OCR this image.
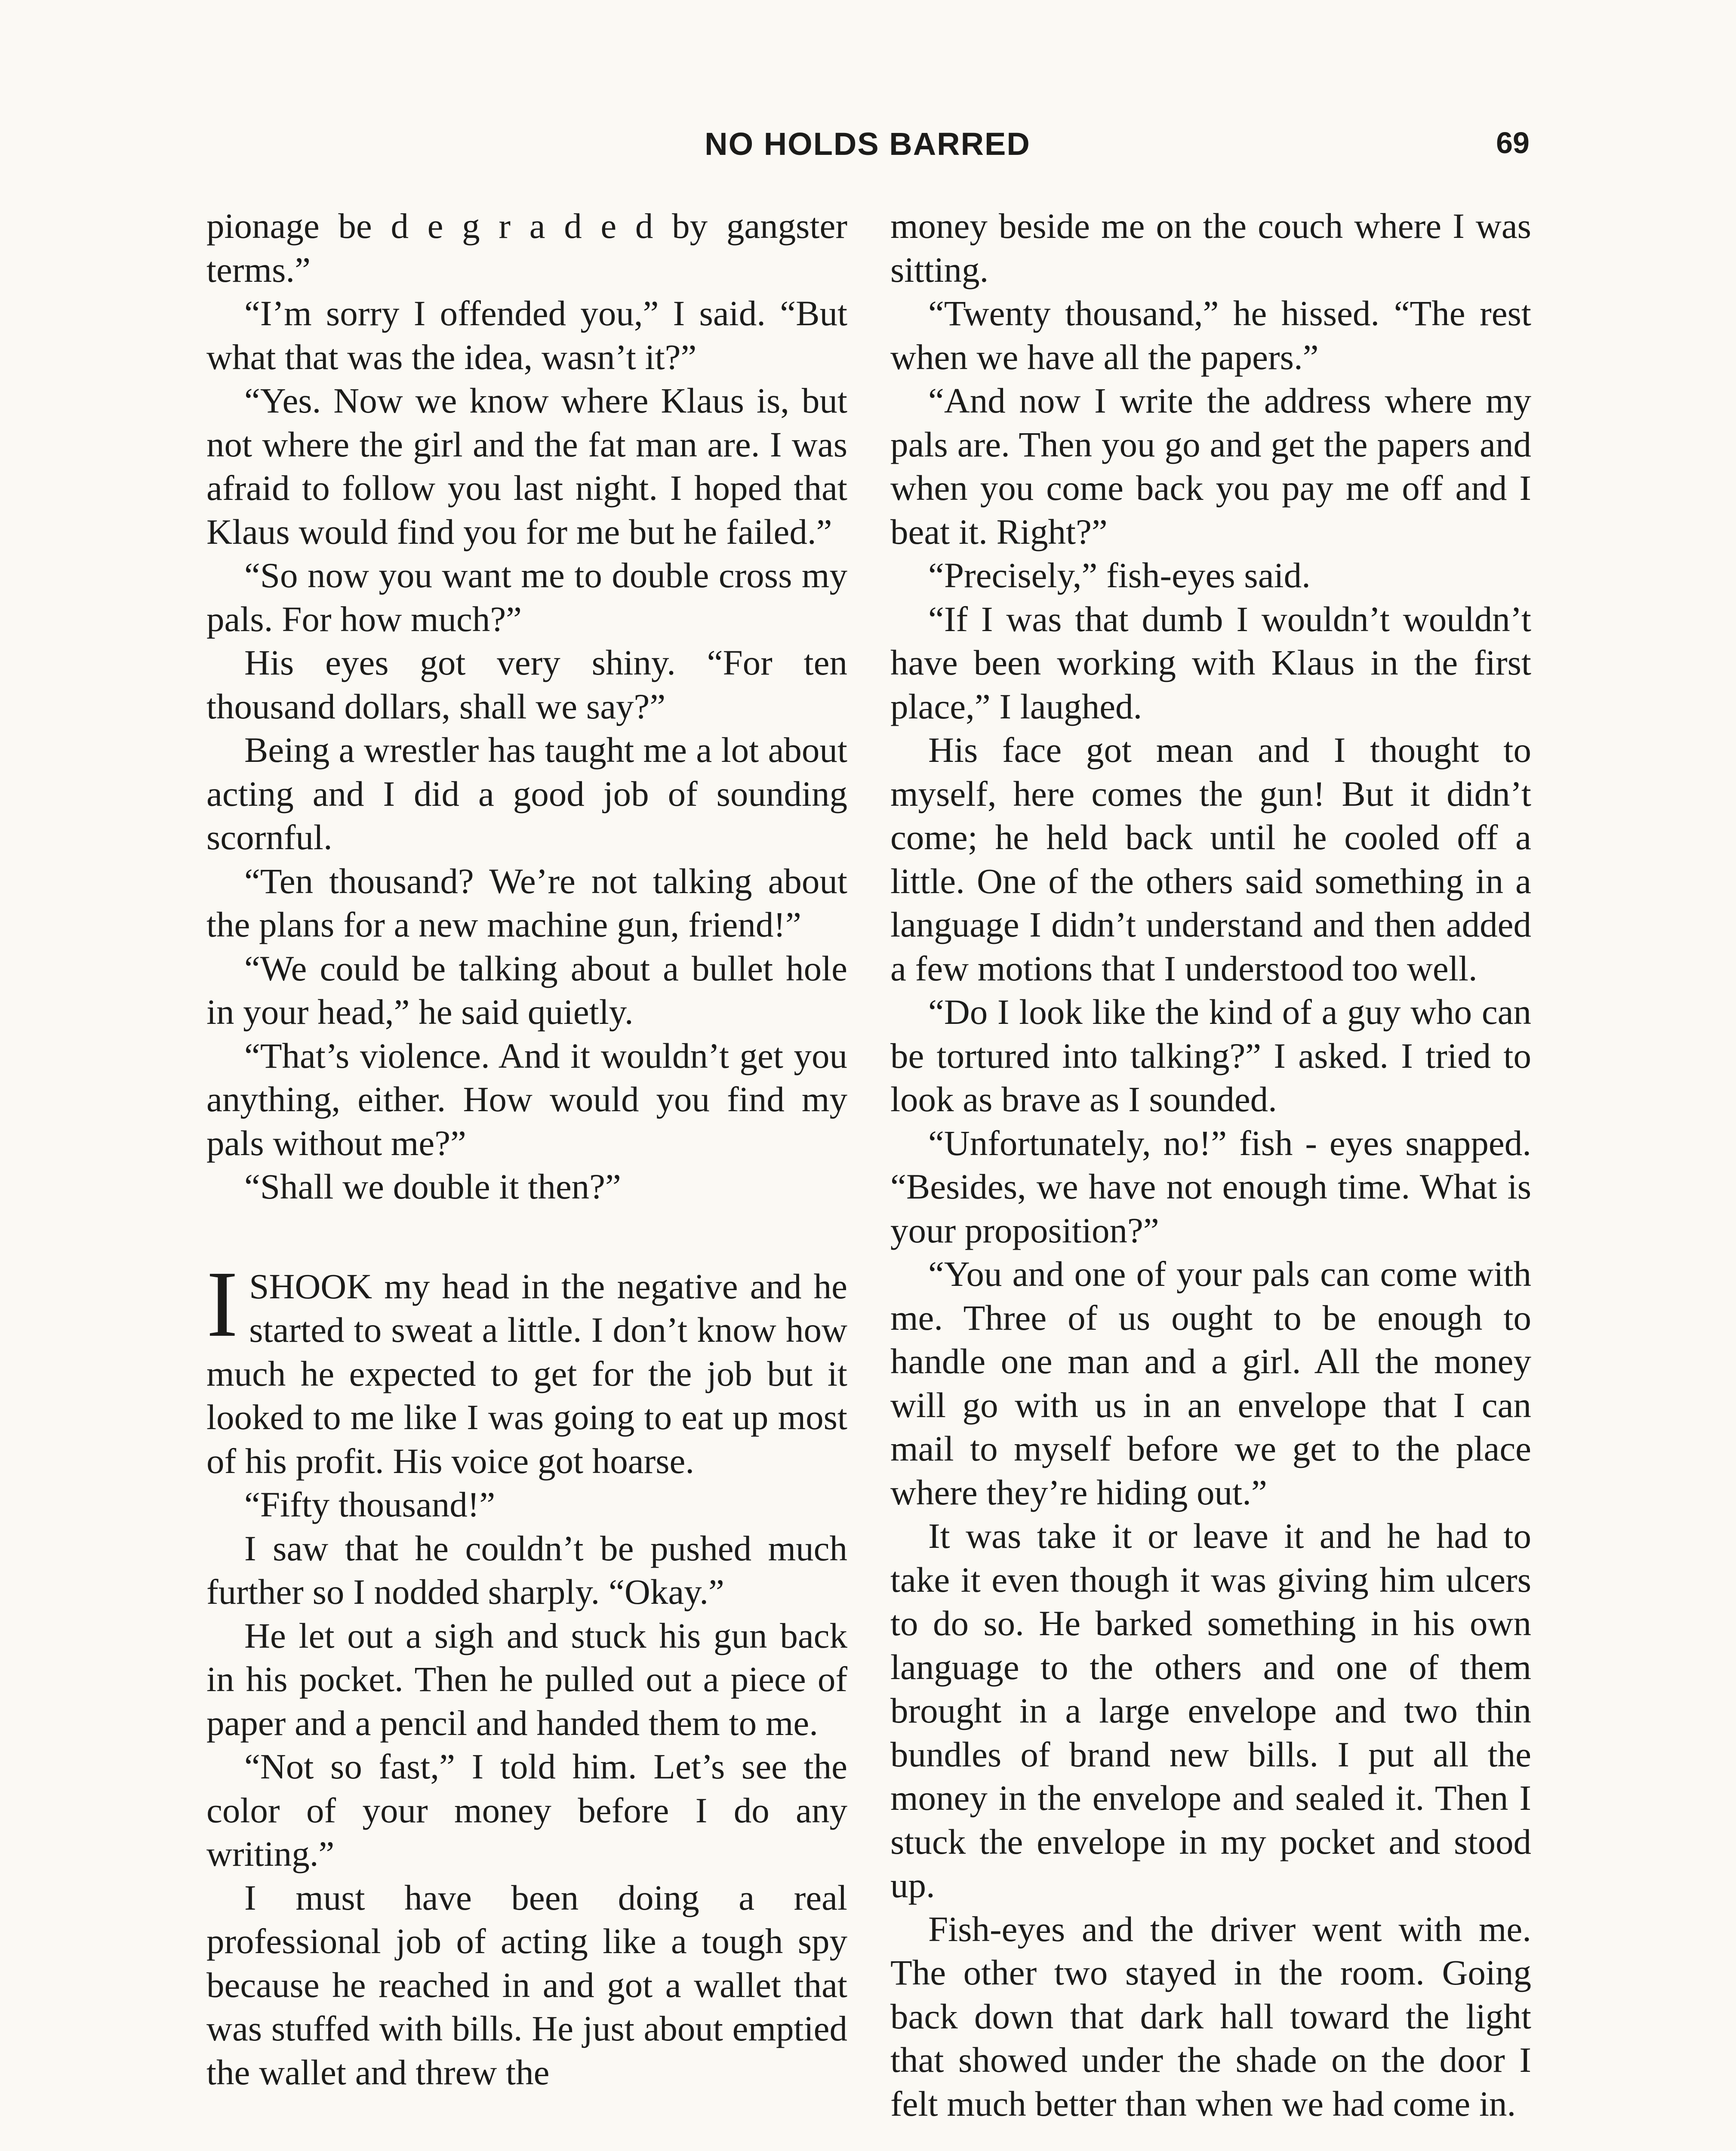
NO HOLDS BARRED	69

pionage be d e g r a d e d by gangster terms.”

“I’m sorry I offended you,” I said. “But what that was the idea, wasn’t it?”

“Yes. Now we know where Klaus is, but not where the girl and the fat man are. I was afraid to follow you last night. I hoped that Klaus would find you for me but he failed.”

“So now you want me to double cross my pals. For how much?”

His eyes got very shiny. “For ten thousand dollars, shall we say?”

Being a wrestler has taught me a lot about acting and I did a good job of sounding scornful.

“Ten thousand? We’re not talking about the plans for a new machine gun, friend!”

“We could be talking about a bullet hole in your head,” he said quietly.

“That’s violence. And it wouldn’t get you anything, either. How would you find my pals without me?”

“Shall we double it then?”

ISHOOK my head in the negative and he started to sweat a little. I don’t know how much he expected to get for the job but it looked to me like I was going to eat up most of his profit. His voice got hoarse.

“Fifty thousand!”

I saw that he couldn’t be pushed much further so I nodded sharply. “Okay.”

He let out a sigh and stuck his gun back in his pocket. Then he pulled out a piece of paper and a pencil and handed them to me.

“Not so fast,” I told him. Let’s see the color of your money before I do any writing.”

I must have been doing a real professional job of acting like a tough spy because he reached in and got a wallet that was stuffed with bills. He just about emptied the wallet and threw the

money beside me on the couch where I was sitting.

“Twenty thousand,” he hissed. “The rest when we have all the papers.”

“And now I write the address where my pals are. Then you go and get the papers and when you come back you pay me off and I beat it. Right?”

“Precisely,” fish-eyes said.

“If I was that dumb I wouldn’t wouldn’t have been working with Klaus in the first place,” I laughed.

His face got mean and I thought to myself, here comes the gun! But it didn’t come; he held back until he cooled off a little. One of the others said something in a language I didn’t understand and then added a few motions that I understood too well.

“Do I look like the kind of a guy who can be tortured into talking?” I asked. I tried to look as brave as I sounded.

“Unfortunately, no!” fish - eyes snapped. “Besides, we have not enough time. What is your proposition?”

“You and one of your pals can come with me. Three of us ought to be enough to handle one man and a girl. All the money will go with us in an envelope that I can mail to myself before we get to the place where they’re hiding out.”

It was take it or leave it and he had to take it even though it was giving him ulcers to do so. He barked something in his own language to the others and one of them brought in a large envelope and two thin bundles of brand new bills. I put all the money in the envelope and sealed it. Then I stuck the envelope in my pocket and stood up.

Fish-eyes and the driver went with me. The other two stayed in the room. Going back down that dark hall toward the light that showed under the shade on the door I felt much better than when we had come in.
